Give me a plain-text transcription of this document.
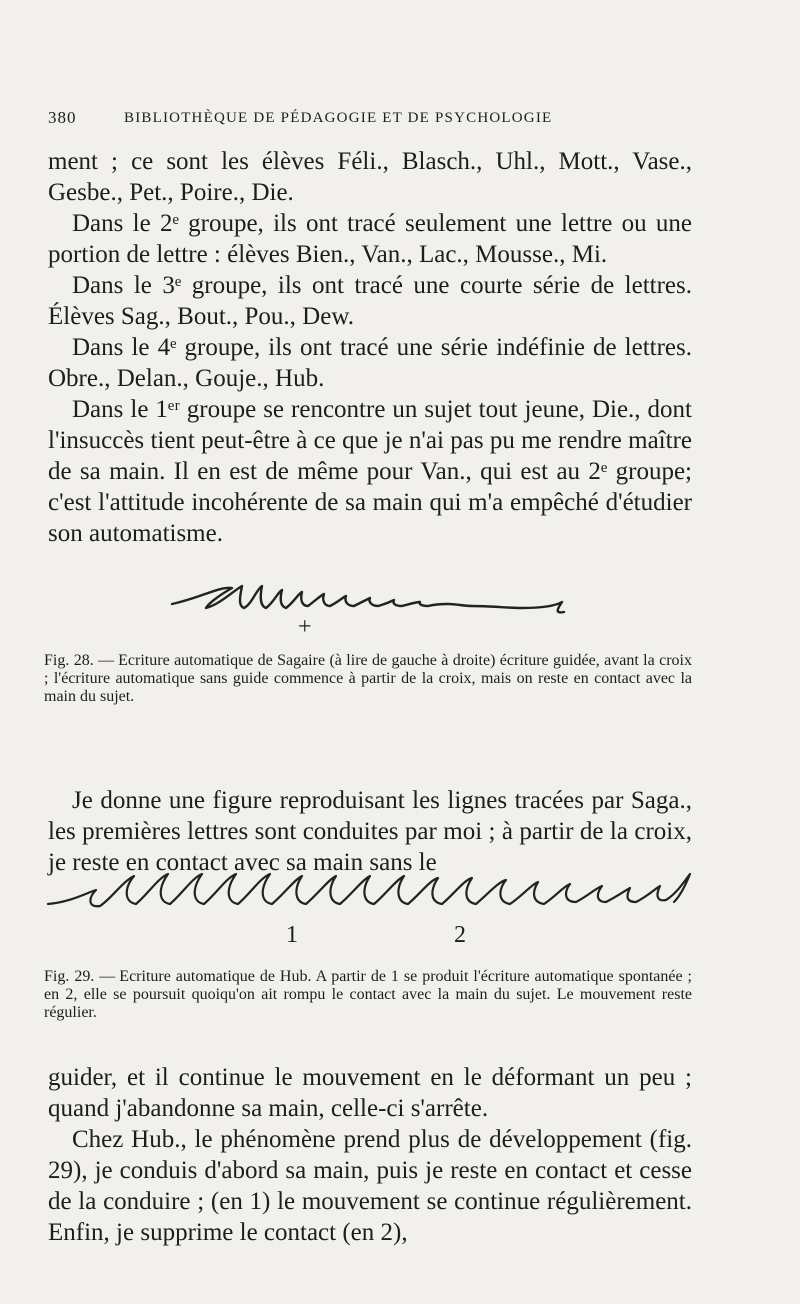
380	BIBLIOTHÈQUE DE PÉDAGOGIE ET DE PSYCHOLOGIE

ment ; ce sont les élèves Féli., Blasch., Uhl., Mott., Vase., Gesbe., Pet., Poire., Die.

Dans le 2ᵉ groupe, ils ont tracé seulement une lettre ou une portion de lettre : élèves Bien., Van., Lac., Mousse., Mi.

Dans le 3ᵉ groupe, ils ont tracé une courte série de lettres. Élèves Sag., Bout., Pou., Dew.

Dans le 4ᵉ groupe, ils ont tracé une série indéfinie de lettres. Obre., Delan., Gouje., Hub.

Dans le 1ᵉʳ groupe se rencontre un sujet tout jeune, Die., dont l'insuccès tient peut-être à ce que je n'ai pas pu me rendre maître de sa main. Il en est de même pour Van., qui est au 2ᵉ groupe; c'est l'attitude incohérente de sa main qui m'a empêché d'étudier son automatisme.

+
Fig. 28. — Ecriture automatique de Sagaire (à lire de gauche à droite) écriture guidée, avant la croix ; l'écriture automatique sans guide commence à partir de la croix, mais on reste en contact avec la main du sujet.

Je donne une figure reproduisant les lignes tracées par Saga., les premières lettres sont conduites par moi ; à partir de la croix, je reste en contact avec sa main sans le

1	2
Fig. 29. — Ecriture automatique de Hub. A partir de 1 se produit l'écriture automatique spontanée ; en 2, elle se poursuit quoiqu'on ait rompu le contact avec la main du sujet. Le mouvement reste régulier.

guider, et il continue le mouvement en le déformant un peu ; quand j'abandonne sa main, celle-ci s'arrête.

Chez Hub., le phénomène prend plus de développement (fig. 29), je conduis d'abord sa main, puis je reste en contact et cesse de la conduire ; (en 1) le mouvement se continue régulièrement. Enfin, je supprime le contact (en 2),
